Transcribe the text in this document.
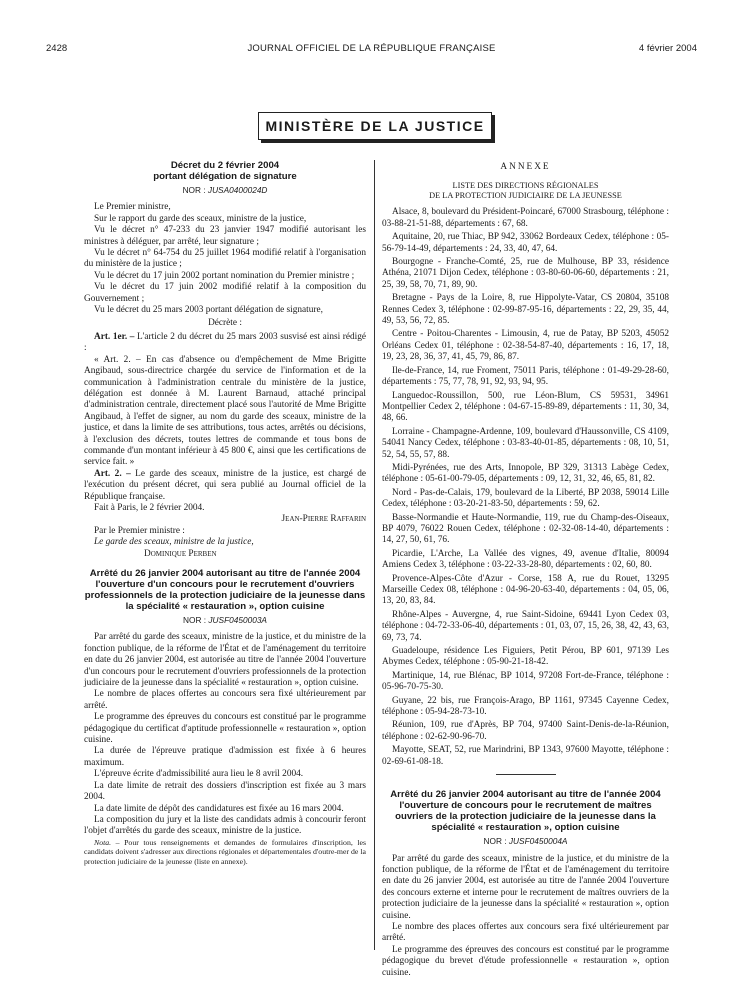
2428	JOURNAL OFFICIEL DE LA RÉPUBLIQUE FRANÇAISE	4 février 2004
MINISTÈRE DE LA JUSTICE

Décret du 2 février 2004

portant délégation de signature

NOR : JUSA0400024D

Le Premier ministre,

Sur le rapport du garde des sceaux, ministre de la justice,

Vu le décret n° 47-233 du 23 janvier 1947 modifié autorisant les ministres à déléguer, par arrêté, leur signature ;

Vu le décret n° 64-754 du 25 juillet 1964 modifié relatif à l'organisation du ministère de la justice ;

Vu le décret du 17 juin 2002 portant nomination du Premier ministre ;

Vu le décret du 17 juin 2002 modifié relatif à la composition du Gouvernement ;

Vu le décret du 25 mars 2003 portant délégation de signature,

Décrète :

Art. 1er. – L'article 2 du décret du 25 mars 2003 susvisé est ainsi rédigé :

« Art. 2. – En cas d'absence ou d'empêchement de Mme Brigitte Angibaud, sous-directrice chargée du service de l'information et de la communication à l'administration centrale du ministère de la justice, délégation est donnée à M. Laurent Barnaud, attaché principal d'administration centrale, directement placé sous l'autorité de Mme Brigitte Angibaud, à l'effet de signer, au nom du garde des sceaux, ministre de la justice, et dans la limite de ses attributions, tous actes, arrêtés ou décisions, à l'exclusion des décrets, toutes lettres de commande et tous bons de commande d'un montant inférieur à 45 800 €, ainsi que les certifications de service fait. »

Art. 2. – Le garde des sceaux, ministre de la justice, est chargé de l'exécution du présent décret, qui sera publié au Journal officiel de la République française.

Fait à Paris, le 2 février 2004.

Jean-Pierre Raffarin

Par le Premier ministre :

Le garde des sceaux, ministre de la justice,

Dominique Perben

Arrêté du 26 janvier 2004 autorisant au titre de l'année 2004 l'ouverture d'un concours pour le recrutement d'ouvriers professionnels de la protection judiciaire de la jeunesse dans la spécialité « restauration », option cuisine

NOR : JUSF0450003A

Par arrêté du garde des sceaux, ministre de la justice, et du ministre de la fonction publique, de la réforme de l'État et de l'aménagement du territoire en date du 26 janvier 2004, est autorisée au titre de l'année 2004 l'ouverture d'un concours pour le recrutement d'ouvriers professionnels de la protection judiciaire de la jeunesse dans la spécialité « restauration », option cuisine.

Le nombre de places offertes au concours sera fixé ultérieurement par arrêté.

Le programme des épreuves du concours est constitué par le programme pédagogique du certificat d'aptitude professionnelle « restauration », option cuisine.

La durée de l'épreuve pratique d'admission est fixée à 6 heures maximum.

L'épreuve écrite d'admissibilité aura lieu le 8 avril 2004.

La date limite de retrait des dossiers d'inscription est fixée au 3 mars 2004.

La date limite de dépôt des candidatures est fixée au 16 mars 2004.

La composition du jury et la liste des candidats admis à concourir feront l'objet d'arrêtés du garde des sceaux, ministre de la justice.

Nota. – Pour tous renseignements et demandes de formulaires d'inscription, les candidats doivent s'adresser aux directions régionales et départementales d'outre-mer de la protection judiciaire de la jeunesse (liste en annexe).

ANNEXE

LISTE DES DIRECTIONS RÉGIONALES

DE LA PROTECTION JUDICIAIRE DE LA JEUNESSE

Alsace, 8, boulevard du Président-Poincaré, 67000 Strasbourg, téléphone : 03-88-21-51-88, départements : 67, 68.

Aquitaine, 20, rue Thiac, BP 942, 33062 Bordeaux Cedex, téléphone : 05-56-79-14-49, départements : 24, 33, 40, 47, 64.

Bourgogne - Franche-Comté, 25, rue de Mulhouse, BP 33, résidence Athéna, 21071 Dijon Cedex, téléphone : 03-80-60-06-60, départements : 21, 25, 39, 58, 70, 71, 89, 90.

Bretagne - Pays de la Loire, 8, rue Hippolyte-Vatar, CS 20804, 35108 Rennes Cedex 3, téléphone : 02-99-87-95-16, départements : 22, 29, 35, 44, 49, 53, 56, 72, 85.

Centre - Poitou-Charentes - Limousin, 4, rue de Patay, BP 5203, 45052 Orléans Cedex 01, téléphone : 02-38-54-87-40, départements : 16, 17, 18, 19, 23, 28, 36, 37, 41, 45, 79, 86, 87.

Ile-de-France, 14, rue Froment, 75011 Paris, téléphone : 01-49-29-28-60, départements : 75, 77, 78, 91, 92, 93, 94, 95.

Languedoc-Roussillon, 500, rue Léon-Blum, CS 59531, 34961 Montpellier Cedex 2, téléphone : 04-67-15-89-89, départements : 11, 30, 34, 48, 66.

Lorraine - Champagne-Ardenne, 109, boulevard d'Haussonville, CS 4109, 54041 Nancy Cedex, téléphone : 03-83-40-01-85, départements : 08, 10, 51, 52, 54, 55, 57, 88.

Midi-Pyrénées, rue des Arts, Innopole, BP 329, 31313 Labège Cedex, téléphone : 05-61-00-79-05, départements : 09, 12, 31, 32, 46, 65, 81, 82.

Nord - Pas-de-Calais, 179, boulevard de la Liberté, BP 2038, 59014 Lille Cedex, téléphone : 03-20-21-83-50, départements : 59, 62.

Basse-Normandie et Haute-Normandie, 119, rue du Champ-des-Oiseaux, BP 4079, 76022 Rouen Cedex, téléphone : 02-32-08-14-40, départements : 14, 27, 50, 61, 76.

Picardie, L'Arche, La Vallée des vignes, 49, avenue d'Italie, 80094 Amiens Cedex 3, téléphone : 03-22-33-28-80, départements : 02, 60, 80.

Provence-Alpes-Côte d'Azur - Corse, 158 A, rue du Rouet, 13295 Marseille Cedex 08, téléphone : 04-96-20-63-40, départements : 04, 05, 06, 13, 20, 83, 84.

Rhône-Alpes - Auvergne, 4, rue Saint-Sidoine, 69441 Lyon Cedex 03, téléphone : 04-72-33-06-40, départements : 01, 03, 07, 15, 26, 38, 42, 43, 63, 69, 73, 74.

Guadeloupe, résidence Les Figuiers, Petit Pérou, BP 601, 97139 Les Abymes Cedex, téléphone : 05-90-21-18-42.

Martinique, 14, rue Blénac, BP 1014, 97208 Fort-de-France, téléphone : 05-96-70-75-30.

Guyane, 22 bis, rue François-Arago, BP 1161, 97345 Cayenne Cedex, téléphone : 05-94-28-73-10.

Réunion, 109, rue d'Après, BP 704, 97400 Saint-Denis-de-la-Réunion, téléphone : 02-62-90-96-70.

Mayotte, SEAT, 52, rue Marindrini, BP 1343, 97600 Mayotte, téléphone : 02-69-61-08-18.

Arrêté du 26 janvier 2004 autorisant au titre de l'année 2004 l'ouverture de concours pour le recrutement de maîtres ouvriers de la protection judiciaire de la jeunesse dans la spécialité « restauration », option cuisine

NOR : JUSF0450004A

Par arrêté du garde des sceaux, ministre de la justice, et du ministre de la fonction publique, de la réforme de l'État et de l'aménagement du territoire en date du 26 janvier 2004, est autorisée au titre de l'année 2004 l'ouverture des concours externe et interne pour le recrutement de maîtres ouvriers de la protection judiciaire de la jeunesse dans la spécialité « restauration », option cuisine.

Le nombre des places offertes aux concours sera fixé ultérieurement par arrêté.

Le programme des épreuves des concours est constitué par le programme pédagogique du brevet d'étude professionnelle « restauration », option cuisine.
